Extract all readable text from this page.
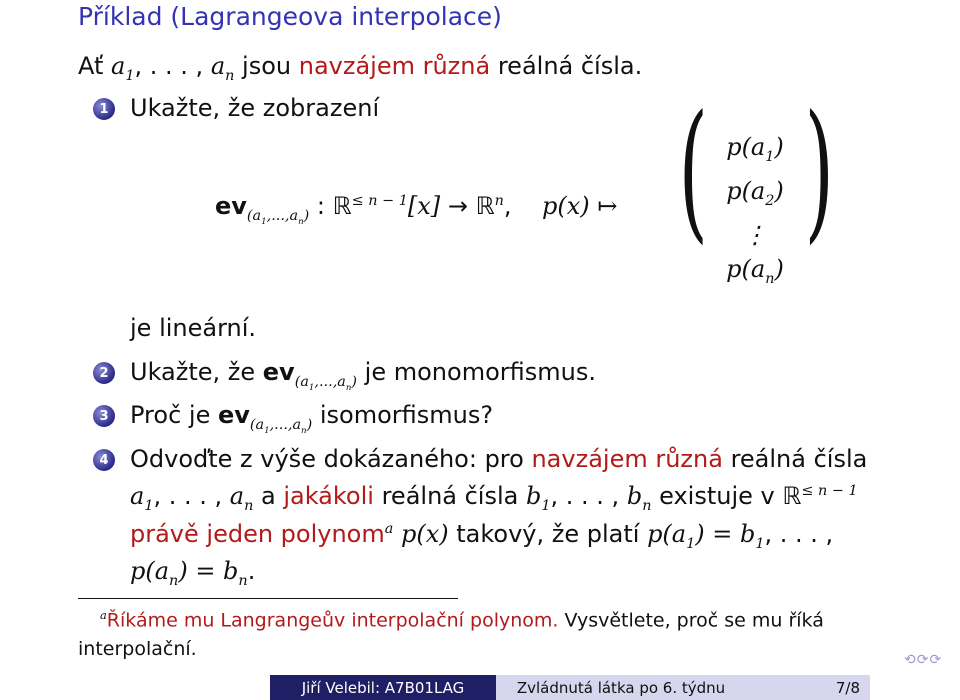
Příklad (Lagrangeova interpolace)
Ať $a_1$, . . . , $a_n$ jsou navzájem různá reálná čísla.
1 Ukažte, že zobrazení
$ev_{(a_1,...,a_n)}$ : ℝ$^{\le n - 1}$[x] → ℝ$^n$,    p(x) ↦ ( $p(a_1)$
$p(a_2)$
⋮
$p(a_n)$
)
je lineární.
2 Ukažte, že $ev_{(a_1,...,a_n)}$ je monomorfismus.
3 Proč je $ev_{(a_1,...,a_n)}$ isomorfismus?
4 Odvoďte z výše dokázaného: pro navzájem různá reálná čísla
$a_1$, . . . , $a_n$ a jakákoli reálná čísla $b_1$, . . . , $b_n$ existuje v ℝ$^{\le n - 1}$
právě jeden polynom$^a$ p(x) takový, že platí $p(a_1) = b_1$, . . . ,
$p(a_n) = b_n$.
$^a$Říkáme mu Langrangeův interpolační polynom. Vysvětlete, proč se mu říká
interpolační.	⟲⟳⟳
Jiří Velebil:
A7B01LAG	Zvládnutá látka po 6. týdnu	7/8
